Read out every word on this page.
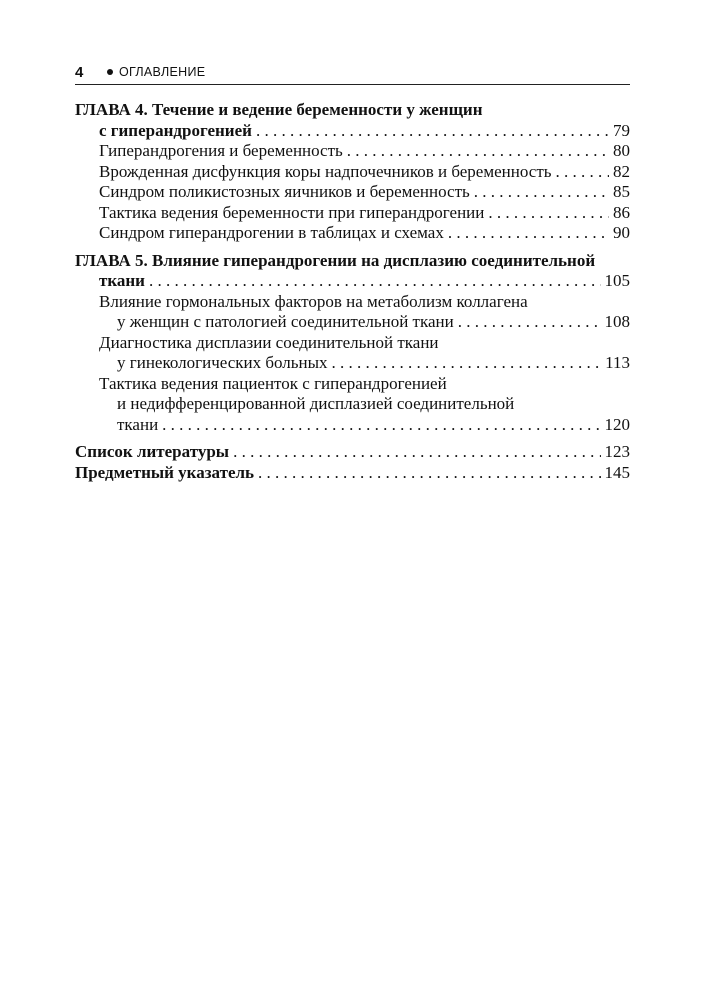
4	ОГЛАВЛЕНИЕ
ГЛАВА 4. Течение и ведение беременности у женщин
с гиперандрогенией . . .	79
Гиперандрогения и беременность . . .	80
Врожденная дисфункция коры надпочечников и беременность . . .	82
Синдром поликистозных яичников и беременность . . .	85
Тактика ведения беременности при гиперандрогении . . .	86
Синдром гиперандрогении в таблицах и схемах . . .	90
ГЛАВА 5. Влияние гиперандрогении на дисплазию соединительной
ткани . . .	105
Влияние гормональных факторов на метаболизм коллагена
у женщин с патологией соединительной ткани . . .	108
Диагностика дисплазии соединительной ткани
у гинекологических больных . . .	113
Тактика ведения пациенток с гиперандрогенией
и недифференцированной дисплазией соединительной
ткани . . .	120
Список литературы . . .	123
Предметный указатель . . .	145
